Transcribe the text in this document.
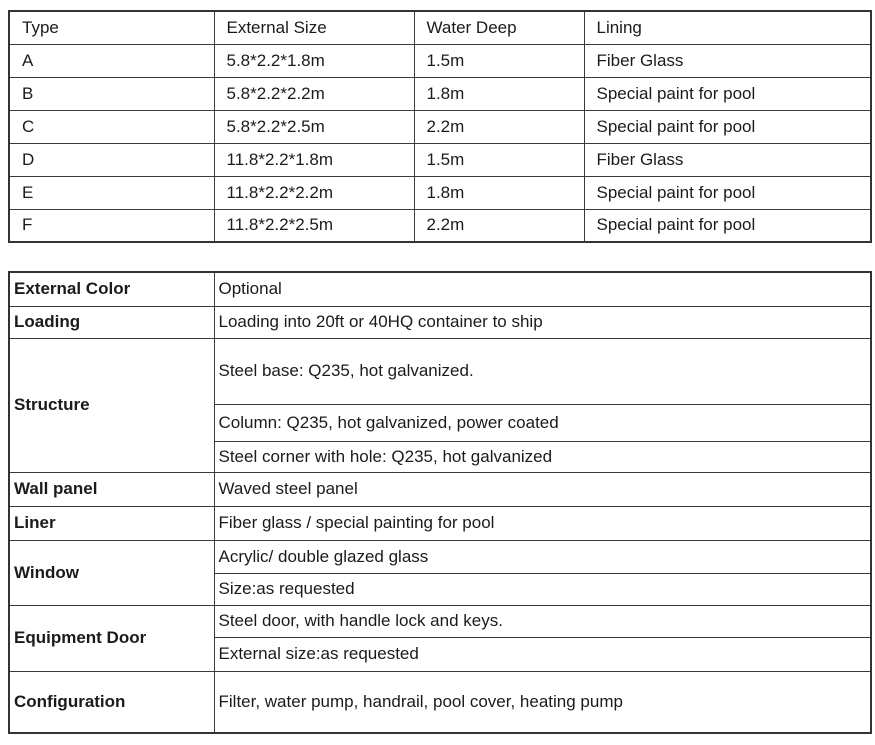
Type	External Size	Water Deep	Lining
A	5.8*2.2*1.8m	1.5m	Fiber Glass
B	5.8*2.2*2.2m	1.8m	Special paint for pool
C	5.8*2.2*2.5m	2.2m	Special paint for pool
D	11.8*2.2*1.8m	1.5m	Fiber Glass
E	11.8*2.2*2.2m	1.8m	Special paint for pool
F	11.8*2.2*2.5m	2.2m	Special paint for pool
External Color	Optional
Loading	Loading into 20ft or 40HQ container to ship
Structure	Steel base: Q235, hot galvanized.
	Column: Q235, hot galvanized, power coated
	Steel corner with hole: Q235, hot galvanized
Wall panel	Waved steel panel
Liner	Fiber glass / special painting for pool
Window	Acrylic/ double glazed glass
	Size:as requested
Equipment Door	Steel door, with handle lock and keys.
	External size:as requested
Configuration	Filter, water pump, handrail, pool cover, heating pump
